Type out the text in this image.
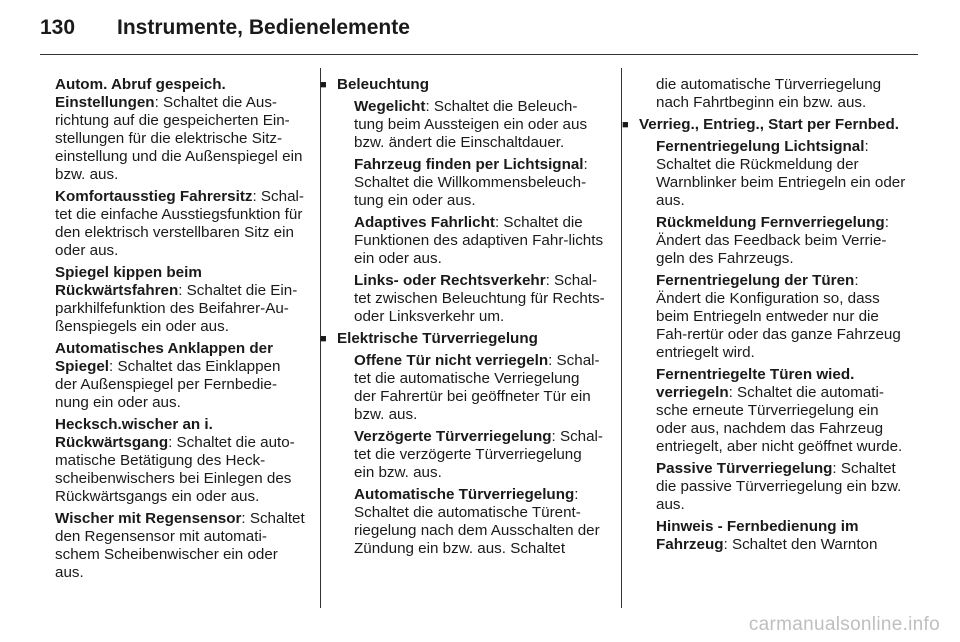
130 Instrumente, Bedienelemente

Autom. Abruf gespeich. Einstellungen: Schaltet die Aus-richtung auf die gespeicherten Ein-stellungen für die elektrische Sitz-einstellung und die Außenspiegel ein bzw. aus.

Komfortausstieg Fahrersitz: Schal-tet die einfache Ausstiegsfunktion für den elektrisch verstellbaren Sitz ein oder aus.

Spiegel kippen beim Rückwärtsfahren: Schaltet die Ein-parkhilfefunktion des Beifahrer-Au-ßenspiegels ein oder aus.

Automatisches Anklappen der Spiegel: Schaltet das Einklappen der Außenspiegel per Fernbedie-nung ein oder aus.

Hecksch.wischer an i. Rückwärtsgang: Schaltet die auto-matische Betätigung des Heck-scheibenwischers bei Einlegen des Rückwärtsgangs ein oder aus.

Wischer mit Regensensor: Schaltet den Regensensor mit automati-schem Scheibenwischer ein oder aus.

■ Beleuchtung

Wegelicht: Schaltet die Beleuch-tung beim Aussteigen ein oder aus bzw. ändert die Einschaltdauer.

Fahrzeug finden per Lichtsignal: Schaltet die Willkommensbeleuch-tung ein oder aus.

Adaptives Fahrlicht: Schaltet die Funktionen des adaptiven Fahr-lichts ein oder aus.

Links- oder Rechtsverkehr: Schal-tet zwischen Beleuchtung für Rechts- oder Linksverkehr um.

■ Elektrische Türverriegelung

Offene Tür nicht verriegeln: Schal-tet die automatische Verriegelung der Fahrertür bei geöffneter Tür ein bzw. aus.

Verzögerte Türverriegelung: Schal-tet die verzögerte Türverriegelung ein bzw. aus.

Automatische Türverriegelung: Schaltet die automatische Türent-riegelung nach dem Ausschalten der Zündung ein bzw. aus. Schaltet

die automatische Türverriegelung nach Fahrtbeginn ein bzw. aus.

■ Verrieg., Entrieg., Start per Fernbed.

Fernentriegelung Lichtsignal: Schaltet die Rückmeldung der Warnblinker beim Entriegeln ein oder aus.

Rückmeldung Fernverriegelung: Ändert das Feedback beim Verrie-geln des Fahrzeugs.

Fernentriegelung der Türen: Ändert die Konfiguration so, dass beim Entriegeln entweder nur die Fah-rertür oder das ganze Fahrzeug entriegelt wird.

Fernentriegelte Türen wied. verriegeln: Schaltet die automati-sche erneute Türverriegelung ein oder aus, nachdem das Fahrzeug entriegelt, aber nicht geöffnet wurde.

Passive Türverriegelung: Schaltet die passive Türverriegelung ein bzw. aus.

Hinweis - Fernbedienung im Fahrzeug: Schaltet den Warnton

carmanualsonline.info
